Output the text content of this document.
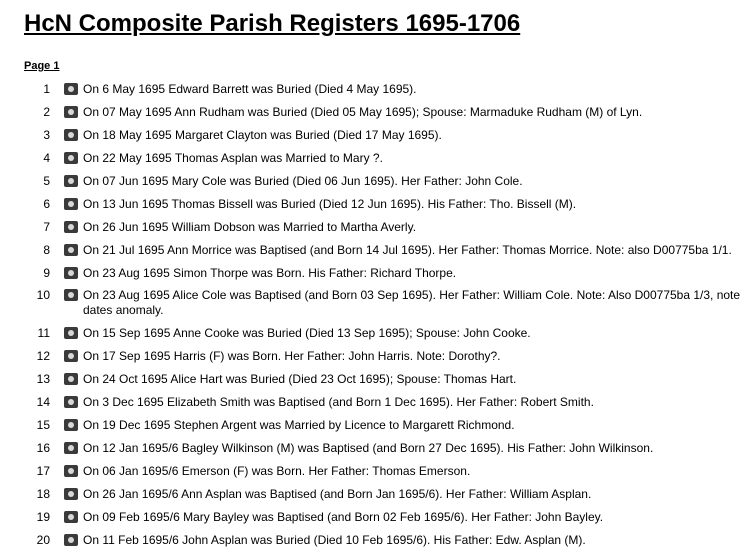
HcN Composite Parish Registers 1695-1706
Page 1
1	On 6 May 1695 Edward Barrett was Buried (Died 4 May 1695).
2	On 07 May 1695 Ann Rudham was Buried (Died 05 May 1695); Spouse: Marmaduke Rudham (M) of Lyn.
3	On 18 May 1695 Margaret Clayton was Buried (Died 17 May 1695).
4	On 22 May 1695 Thomas Asplan was Married to Mary ?.
5	On 07 Jun 1695 Mary Cole was Buried (Died 06 Jun 1695). Her Father: John Cole.
6	On 13 Jun 1695 Thomas Bissell was Buried (Died 12 Jun 1695). His Father: Tho. Bissell (M).
7	On 26 Jun 1695 William Dobson was Married to Martha Averly.
8	On 21 Jul 1695 Ann Morrice was Baptised (and Born 14 Jul 1695). Her Father: Thomas Morrice. Note: also D00775ba 1/1.
9	On 23 Aug 1695 Simon Thorpe was Born. His Father: Richard Thorpe.
10	On 23 Aug 1695 Alice Cole was Baptised (and Born 03 Sep 1695). Her Father: William Cole. Note: Also D00775ba 1/3, note dates anomaly.
11	On 15 Sep 1695 Anne Cooke was Buried (Died 13 Sep 1695); Spouse: John Cooke.
12	On 17 Sep 1695 Harris (F) was Born. Her Father: John Harris. Note: Dorothy?.
13	On 24 Oct 1695 Alice Hart was Buried (Died 23 Oct 1695); Spouse: Thomas Hart.
14	On 3 Dec 1695 Elizabeth Smith was Baptised (and Born 1 Dec 1695). Her Father: Robert Smith.
15	On 19 Dec 1695 Stephen Argent was Married by Licence to Margarett Richmond.
16	On 12 Jan 1695/6 Bagley Wilkinson (M) was Baptised (and Born 27 Dec 1695). His Father: John Wilkinson.
17	On 06 Jan 1695/6 Emerson (F) was Born. Her Father: Thomas Emerson.
18	On 26 Jan 1695/6 Ann Asplan was Baptised (and Born Jan 1695/6). Her Father: William Asplan.
19	On 09 Feb 1695/6 Mary Bayley was Baptised (and Born 02 Feb 1695/6). Her Father: John Bayley.
20	On 11 Feb 1695/6 John Asplan was Buried (Died 10 Feb 1695/6). His Father: Edw. Asplan (M).
